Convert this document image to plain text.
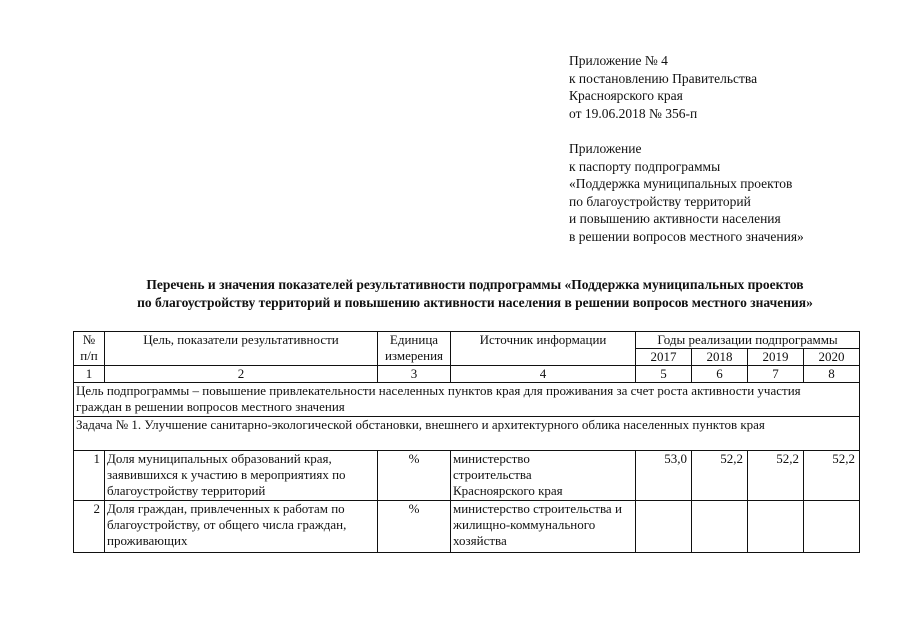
Приложение № 4
к постановлению Правительства
Красноярского края
от 19.06.2018 № 356-п
Приложение
к паспорту подпрограммы
«Поддержка муниципальных проектов
по благоустройству территорий
и повышению активности населения
в решении вопросов местного значения»
Перечень и значения показателей результативности подпрограммы «Поддержка муниципальных проектов
по благоустройству территорий и повышению активности населения в решении вопросов местного значения»
№ п/п	Цель, показатели результативности	Единица измерения	Источник информации	Годы реализации подпрограммы			
				2017	2018	2019	2020
1	2	3	4	5	6	7	8

Цель подпрограммы – повышение привлекательности населенных пунктов края для проживания за счет роста активности участия граждан в решении вопросов местного значения							

Задача № 1. Улучшение санитарно-экологической обстановки, внешнего и архитектурного облика населенных пунктов края							

1	Доля муниципальных образований края, заявившихся к участию в мероприятиях по благоустройству территорий	%	министерство строительства Красноярского края	53,0	52,2	52,2	52,2
2	Доля граждан, привлеченных к работам по благоустройству, от общего числа граждан, проживающих	%	министерство строительства и жилищно-коммунального хозяйства				
